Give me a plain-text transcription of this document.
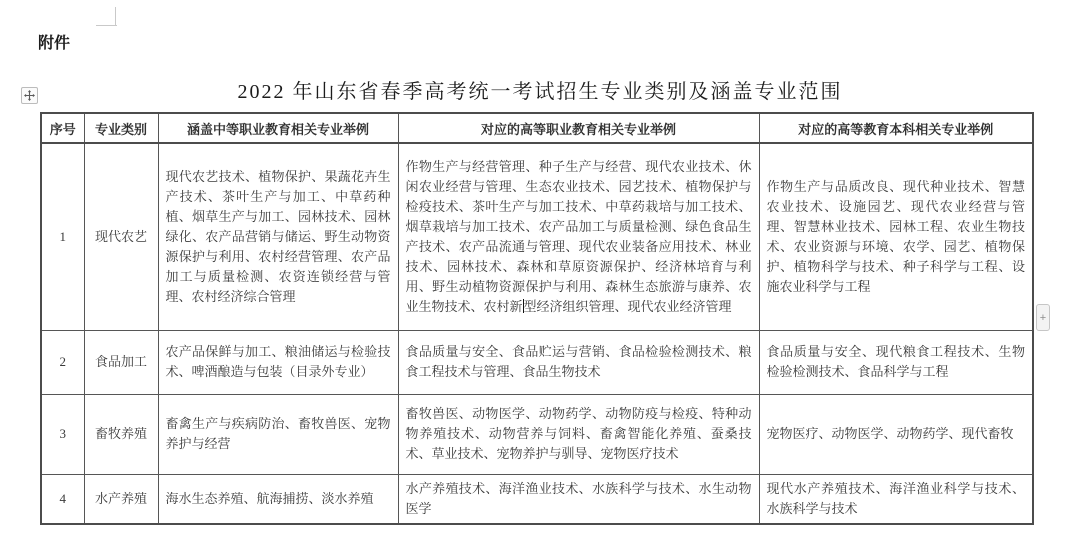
附件
2022 年山东省春季高考统一考试招生专业类别及涵盖专业范围
序号	专业类别	涵盖中等职业教育相关专业举例	对应的高等职业教育相关专业举例	对应的高等教育本科相关专业举例

1	现代农艺	现代农艺技术、植物保护、果蔬花卉生产技术、茶叶生产与加工、中草药种植、烟草生产与加工、园林技术、园林绿化、农产品营销与储运、野生动物资源保护与利用、农村经营管理、农产品加工与质量检测、农资连锁经营与管理、农村经济综合管理	作物生产与经营管理、种子生产与经营、现代农业技术、休闲农业经营与管理、生态农业技术、园艺技术、植物保护与检疫技术、茶叶生产与加工技术、中草药栽培与加工技术、烟草栽培与加工技术、农产品加工与质量检测、绿色食品生产技术、农产品流通与管理、现代农业装备应用技术、林业技术、园林技术、森林和草原资源保护、经济林培育与利用、野生动植物资源保护与利用、森林生态旅游与康养、农业生物技术、农村新型经济组织管理、现代农业经济管理	作物生产与品质改良、现代种业技术、智慧农业技术、设施园艺、现代农业经营与管理、智慧林业技术、园林工程、农业生物技术、农业资源与环境、农学、园艺、植物保护、植物科学与技术、种子科学与工程、设施农业科学与工程

2	食品加工	农产品保鲜与加工、粮油储运与检验技术、啤酒酿造与包装（目录外专业）	食品质量与安全、食品贮运与营销、食品检验检测技术、粮食工程技术与管理、食品生物技术	食品质量与安全、现代粮食工程技术、生物检验检测技术、食品科学与工程

3	畜牧养殖	畜禽生产与疾病防治、畜牧兽医、宠物养护与经营	畜牧兽医、动物医学、动物药学、动物防疫与检疫、特种动物养殖技术、动物营养与饲料、畜禽智能化养殖、蚕桑技术、草业技术、宠物养护与驯导、宠物医疗技术	宠物医疗、动物医学、动物药学、现代畜牧

4	水产养殖	海水生态养殖、航海捕捞、淡水养殖	水产养殖技术、海洋渔业技术、水族科学与技术、水生动物医学	现代水产养殖技术、海洋渔业科学与技术、水族科学与技术
+
